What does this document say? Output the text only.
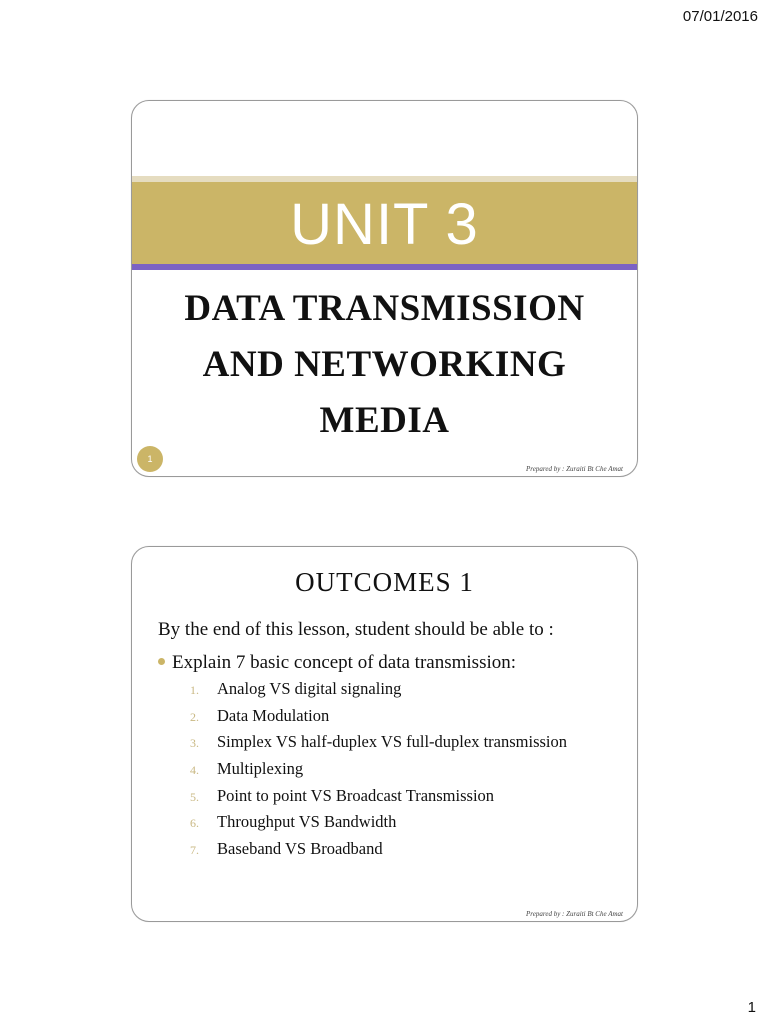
07/01/2016
UNIT 3
DATA TRANSMISSION
AND NETWORKING
MEDIA
1
Prepared by : Zuraiti Bt Che Amat
OUTCOMES 1
By the end of this lesson, student should be able to :
Explain 7 basic concept of data transmission:
1. Analog VS digital signaling
2. Data Modulation
3. Simplex VS half-duplex VS full-duplex transmission
4. Multiplexing
5. Point to point VS Broadcast Transmission
6. Throughput VS Bandwidth
7. Baseband VS Broadband
Prepared by : Zuraiti Bt Che Amat
1
